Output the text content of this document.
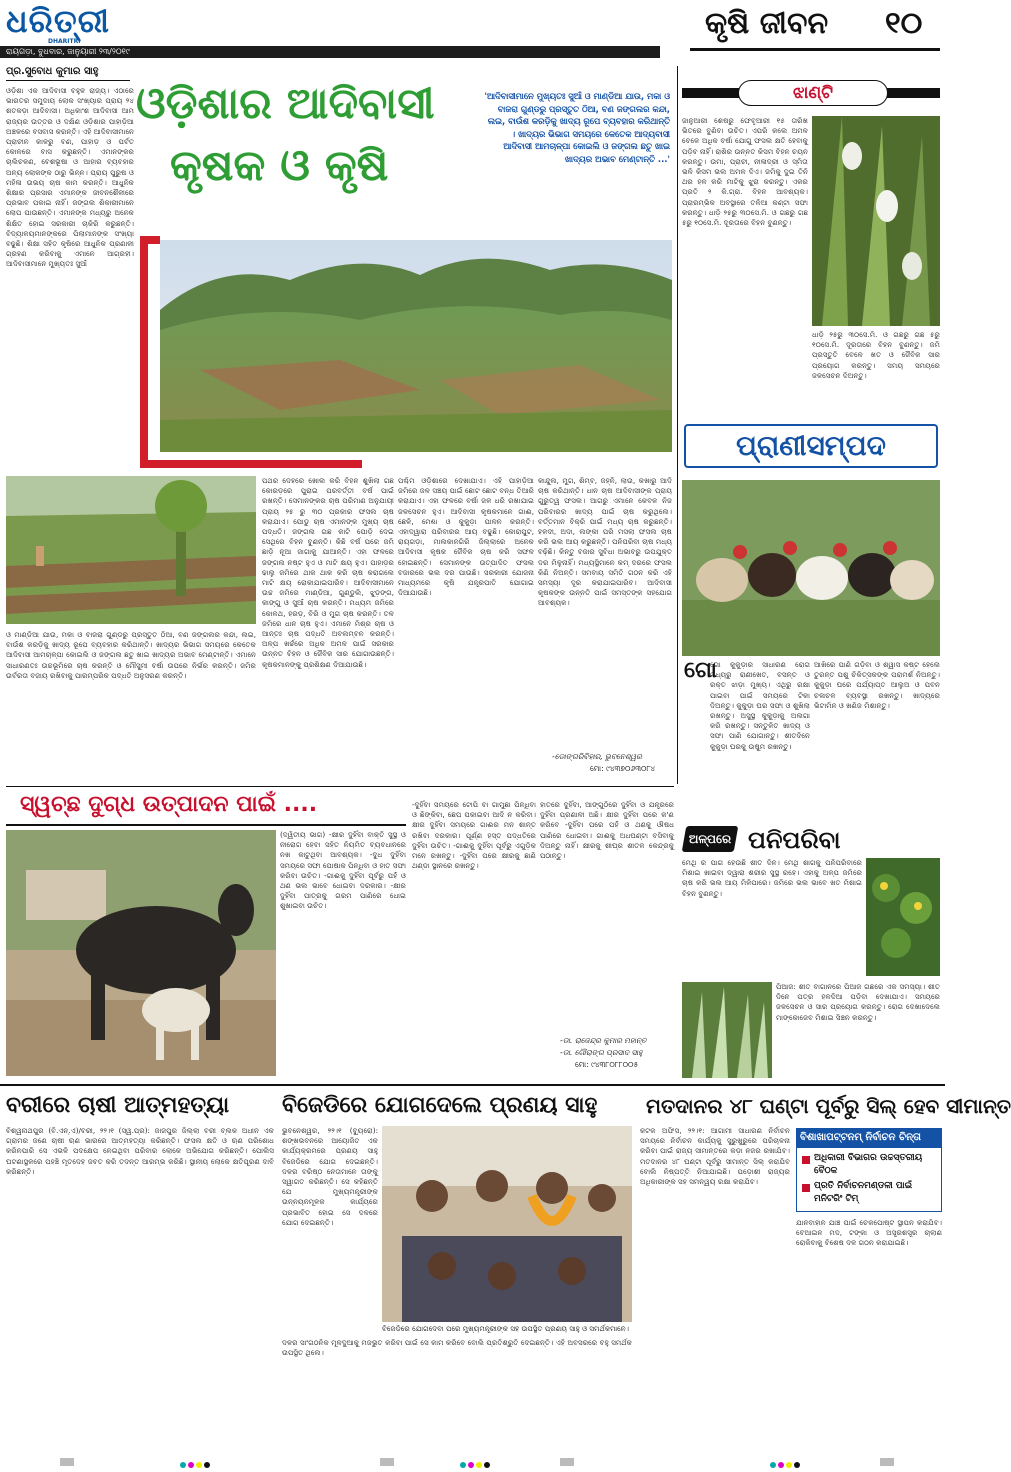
ଧରିତ୍ରୀ
DHARITRI
ରାୟଗଡ଼ା, ବୁଧବାର, ଜାନୁୟାରୀ ୨୩/୨୦୧୯
କୃଷି ଜୀବନ ୧୦
ପ୍ର.ସୁବୋଧ କୁମାର ସାହୁ
ଓଡ଼ିଶାର ଆଦିବାସୀ
କୃଷକ ଓ କୃଷି
'ଆଦିବାସୀମାନେ ମୁଖ୍ୟତଃ ସୁଆଁ ଓ ମାଣ୍ଡିଆ ଯାଉ, ମକା ଓ ବାଜରା ଗୁଣ୍ଡରୁ ପ୍ରସ୍ତୁତ ଠିଆ, ବଣ ଜଙ୍ଗଲର କନ୍ଦା, ଲଇ, ବାଉଁଶ କରଡ଼ିକୁ ଖାଦ୍ୟ ରୂପେ ବ୍ୟବହାର କରିଥାନ୍ତି । ଖାଦ୍ୟର ଭିଭାଗ ସମୟରେ କେତେକ ଆଦ୍ୟବାସୀ ଆଦିବାସୀ ଆମଚାଳ୍ପା କୋଇଲି ଓ ଜଙ୍ଗଲ ଛତୁ ଖାଇ ଖାଦ୍ୟର ଅଭାବ ମେଣ୍ଟାନ୍ତି ...'
ଓଡ଼ିଶା ଏକ ଆଦିବାସୀ ବହୁଳ ରାଜ୍ୟ। ଏଠାରେ ଭାରତର ସମୁଦାୟ ଲୋକ ସଂଖ୍ୟାର ପ୍ରାୟ ୨୪ ଶତକଡ଼ା ଆଦିବାସୀ। ଅଧିକାଂଶ ଆଦିବାସୀ ଆମ ରାଜ୍ୟର ଉତ୍ତର ଓ ଦକ୍ଷିଣ ଓଡ଼ିଶାର ପାହାଡ଼ିଆ ଅଞ୍ଚଳରେ ବସବାସ କରନ୍ତି। ଏହି ଆଦିବାସୀମାନେ ପ୍ରାଚୀନ କାଳରୁ ବଣ, ପାହାଡ଼ ଓ ପର୍ବତ କୋଳରେ ବାସ କରୁଛନ୍ତି। ଏମାନଙ୍କର ଚାଲିଚଳଣ, ବେଶଭୂଷା ଓ ଆହାର ବ୍ୟବହାର ଅନ୍ୟ ଲୋକଙ୍କ ଠାରୁ ଭିନ୍ନ। ପ୍ରାୟ ପୁରୁଷ ଓ ମହିଳା ଉଭୟ ଚାଷ କାମ କରନ୍ତି। ଆଧୁନିକ ଶିକ୍ଷାର ପ୍ରସାର ଏମାନଙ୍କ ଜୀବନଶୈଳୀରେ ପ୍ରଭାବ ପକାଇ ନାହିଁ। ଜଙ୍ଗଲ ଶିକାରୀମାନେ ଲୋପ ପାଉଛନ୍ତି। ଏମାନଙ୍କ ମଧ୍ୟରୁ ଅନେକ ଶିକ୍ଷିତ ହୋଇ ସରକାରୀ ଚାକିରି କରୁଛନ୍ତି। ବିଦ୍ୟାଳୟମାନଙ୍କରେ ପିଲାମାନଙ୍କ ସଂଖ୍ୟା ବଢୁଛି। ଶିକ୍ଷା ସହିତ କୃଷିରେ ଆଧୁନିକ ପ୍ରଣାଳୀ ଗ୍ରହଣ କରିବାକୁ ଏମାନେ ଆଗ୍ରହୀ। ଆଦିବାସୀମାନେ ମୁଖ୍ୟତଃ ସୁଆଁ
ଓ ମାଣ୍ଡିଆ ଯାଉ, ମକା ଓ ବାଜରା ଗୁଣ୍ଡରୁ ପ୍ରସ୍ତୁତ ଠିଆ, ବଣ ଜଙ୍ଗଲର କନ୍ଦା, ଲଇ, ବାଉଁଶ କରଡ଼ିକୁ ଖାଦ୍ୟ ରୂପେ ବ୍ୟବହାର କରିଥାନ୍ତି। ଖାଦ୍ୟର ଭିଭାଗ ସମୟରେ କେତେକ ଆଦିବାସୀ ଆମଚାଳ୍ପା କୋଇଲି ଓ ଜଙ୍ଗଲ ଛତୁ ଖାଇ ଖାଦ୍ୟର ଅଭାବ ମେଣ୍ଟାନ୍ତି। ଏମାନେ ସାଧାରଣତଃ ଉଚ୍ଚଭୂମିରେ ଚାଷ କରନ୍ତି ଓ ମୌସୁମୀ ବର୍ଷା ଉପରେ ନିର୍ଭର କରନ୍ତି। ଜମିର ଉର୍ବରତା ବଜାୟ ରଖିବାକୁ ପାରମ୍ପରିକ ପଦ୍ଧତି ଅନୁସରଣ କରନ୍ତି।
ପଥର ଦେହରେ ଖୋଲ କରି ବିହନ ଶୁଖିଲା ଗଛ କୋରଡ଼ରେ ପୁରାଇ ପରବର୍ତ୍ତୀ ବର୍ଷ ପାଇଁ ରଖନ୍ତି। ସେମାନଙ୍କର ଚାଷ ପରିମାଣ ଅନୁଯାୟୀ ପ୍ରାୟ ୨୫ ରୁ ୩୦ ପ୍ରକାର ଫସଲ ଚାଷ କରାଯାଏ। ପୋଡୁ ଚାଷ ଏମାନଙ୍କ ମୁଖ୍ୟ ଚାଷ ପଦ୍ଧତି। ଜଙ୍ଗଲ ଗଛ କାଟି ପୋଡ଼ି ଦେଇ ସେଥିରେ ବିହନ ବୁଣନ୍ତି। କିଛି ବର୍ଷ ପରେ ଜମି ଛାଡ଼ି ନୂଆ ଜାଗାକୁ ଯାଆନ୍ତି। ଏହା ଫଳରେ ଜଙ୍ଗଲ ନଷ୍ଟ ହୁଏ ଓ ମାଟି କ୍ଷୟ ହୁଏ। ପାହାଡ଼ର ଢାଲୁ ଜମିରେ ଥାକ ଥାକ କରି ଚାଷ କରାଗଲେ ମାଟି କ୍ଷୟ ରୋକାଯାଇପାରିବ। ଆଦିବାସୀମାନେ ଉଚ୍ଚ ଜମିରେ ମାଣ୍ଡିଆ, ଗୁଣ୍ଡୁଲି, ଝୁଡ଼ଙ୍ଗ, କାଙ୍ଗୁ ଓ ସୁଆଁ ଚାଷ କରନ୍ତି। ମଧ୍ୟମ ଜମିରେ କୋଳଥ, ହରଡ଼, ବିରି ଓ ମୁଗ ଚାଷ କରନ୍ତି। ତଳ ଜମିରେ ଧାନ ଚାଷ ହୁଏ। ଏମାନେ ମିଶ୍ର ଚାଷ ଓ ଆନ୍ତଃ ଚାଷ ପଦ୍ଧତି ଅବଲମ୍ବନ କରନ୍ତି। ଅଳ୍ପ ଖର୍ଚ୍ଚରେ ଅଧିକ ଅମଳ ପାଇଁ ସରକାର ଉନ୍ନତ ବିହନ ଓ ଜୈବିକ ସାର ଯୋଗାଉଛନ୍ତି। କୃଷକମାନଙ୍କୁ ପ୍ରଶିକ୍ଷଣ ଦିଆଯାଉଛି।
ପଶ୍ଚିମ ଓଡ଼ିଶାରେ ଦେଖାଯାଏ। ଏହି ପାହାଡ଼ିଆ ଜମିରେ ଜଳ ସଞ୍ଚୟ ପାଇଁ ଛୋଟ ଛୋଟ ବନ୍ଧ ତିଆରି କରାଯାଏ। ଏହା ଫଳରେ ବର୍ଷା ଜଳ ଧରି ରଖାଯାଇ ଜଳସେଚନ ହୁଏ। ଆଦିବାସୀ କୃଷକମାନେ ଗାଈ, ଛେଳି, ମେଣ୍ଢା ଓ କୁକୁଡ଼ା ପାଳନ କରନ୍ତି। ଏହାଦ୍ୱାରା ପରିବାରର ଆୟ ବଢୁଛି। କୋରାପୁଟ, ରାୟଗଡ଼ା, ମାଲକାନଗିରି ଜିଲ୍ଲାରେ ଅନେକ ଆଦିବାସୀ କୃଷକ ଜୈବିକ ଚାଷ କରି ସଫଳ ହୋଇଛନ୍ତି। ସେମାନଙ୍କ ଉତ୍ପାଦିତ ଫସଲ ବଜାରରେ ଭଲ ଦର ପାଉଛି। ସରକାରୀ ଯୋଜନା ମାଧ୍ୟମରେ କୃଷି ଯନ୍ତ୍ରପାତି ଯୋଗାଇ ଦିଆଯାଉଛି।
କାନ୍ଦୁଲ, ମୁଗ, ଶିମ୍ବ, ଜହ୍ନି, ଲାଉ, କଖାରୁ ଆଦି ଚାଷ କରିଥାନ୍ତି। ଧାନ ଚାଷ ଆଦିବାସୀଙ୍କ ପ୍ରାୟ ଗୁରୁତ୍ୱ ଫସଲ। ଆଗରୁ ଏମାନେ କେବଳ ନିଜ ପରିବାରର ଖାଦ୍ୟ ପାଇଁ ଚାଷ କରୁଥିଲେ। ବର୍ତ୍ତମାନ ବିକ୍ରି ପାଇଁ ମଧ୍ୟ ଚାଷ କରୁଛନ୍ତି। ହଳଦୀ, ଅଦା, ଲଙ୍କା ପରି ମସଲା ଫସଲ ଚାଷ କରି ଭଲ ଆୟ କରୁଛନ୍ତି। ପନିପରିବା ଚାଷ ମଧ୍ୟ ବଢ଼ିଛି। କିନ୍ତୁ ବଜାର ସୁବିଧା ଅଭାବରୁ ଉପଯୁକ୍ତ ଦର ମିଳୁନାହିଁ। ମଧ୍ୟସ୍ଥିମାନେ କମ୍ ଦରରେ ଫସଲ କିଣି ନିଅନ୍ତି। ସମବାୟ ସମିତି ଗଠନ କରି ଏହି ସମସ୍ୟା ଦୂର କରାଯାଇପାରିବ। ଆଦିବାସୀ କୃଷକଙ୍କ ଉନ୍ନତି ପାଇଁ ସମସ୍ତଙ୍କ ସହଯୋଗ ଆବଶ୍ୟକ।
-ଡୋଙ୍ଗରିବିହାର, ଭୁବନେଶ୍ୱର
ମୋ: ୯୪୩୭୦୬୩୦୮୪
ଝାଣ୍ଟି
ଜାନୁଆରୀ ଶେଷରୁ ଫେବୃଆରୀ ୧୫ ତାରିଖ ଭିତରେ ବୁଣିବା ଉଚିତ। ଏପରି କଲେ ଅମଳ ବେଳେ ଅଧିକ ବର୍ଷା ଯୋଗୁ ଫସଲ କ୍ଷତି ହେବାକୁ ପଡ଼ିବ ନାହିଁ। ରାଶିର ଉନ୍ନତ କିସମ ବିହନ ଚୟନ କରନ୍ତୁ। ଉମା, ପ୍ରାଚୀ, ନୀଳାଦ୍ରୀ ଓ ସ୍ମିତା ଭଳି କିସମ ଭଲ ଅମଳ ଦିଏ। ଜମିକୁ ଦୁଇ ତିନି ଥର ହଳ କରି ମାଟିକୁ ଝୁରା କରନ୍ତୁ। ଏକର ପ୍ରତି ୨ କି.ଗ୍ରା. ବିହନ ଆବଶ୍ୟକ। ପ୍ରାରମ୍ଭିକ ଅବସ୍ଥାରେ ତଳିଆ କଣ୍ଟା ସଫା କରନ୍ତୁ। ଧାଡ଼ି ୨୫ରୁ ୩୦ସେ.ମି. ଓ ଗଛରୁ ଗଛ ୫ରୁ ୧୦ସେ.ମି. ଦୂରତାରେ ବିହନ ବୁଣନ୍ତୁ।
ଧାଡ଼ି ୨୫ରୁ ୩୦ସେ.ମି. ଓ ଗଛରୁ ଗଛ ୫ରୁ ୧୦ସେ.ମି. ଦୂରତାରେ ବିହନ ବୁଣନ୍ତୁ। ଜମି ପ୍ରସ୍ତୁତି ବେଳେ ଖତ ଓ ଜୈବିକ ସାର ପ୍ରୟୋଗ କରନ୍ତୁ। ସମୟ ସମୟରେ ଜଳସେଚନ ଦିଅନ୍ତୁ।
ପ୍ରାଣୀସମ୍ପଦ
ଗୋ
ଗୋ କୁକୁଡ଼ାର ସାଧାରଣ ରୋଗ ମଧ୍ୟରୁ ରାଣୀଖେତ, ବସନ୍ତ ଓ ରକ୍ତ ଝାଡ଼ା ମୁଖ୍ୟ। ଏଥିରୁ ରକ୍ଷା ପାଇବା ପାଇଁ ସମୟରେ ଟିକା ଦିଅନ୍ତୁ। କୁକୁଡ଼ା ଘର ସଫା ଓ ଶୁଖିଲା ରଖନ୍ତୁ। ଅସୁସ୍ଥ କୁକୁଡ଼ାକୁ ଅଲଗା କରି ରଖନ୍ତୁ। ସନ୍ତୁଳିତ ଖାଦ୍ୟ ଓ ସଫା ପାଣି ଯୋଗାନ୍ତୁ। ଶୀତଦିନେ କୁକୁଡ଼ା ଘରକୁ ଉଷୁମ ରଖନ୍ତୁ।
ଆଖିରେ ପାଣି ଗଡ଼ିବା ଓ ଶ୍ୱାସ କଷ୍ଟ ହେଲେ ତୁରନ୍ତ ପଶୁ ଚିକିତ୍ସକଙ୍କ ପରାମର୍ଶ ନିଅନ୍ତୁ। କୁକୁଡ଼ା ଘରେ ପର୍ଯ୍ୟାପ୍ତ ଆଲୁଅ ଓ ପବନ ଚଳାଚଳ ବ୍ୟବସ୍ଥା ରଖନ୍ତୁ। ଖାଦ୍ୟରେ ଭିଟାମିନ ଓ ଖଣିଜ ମିଶାନ୍ତୁ।
ଅଳ୍ପରେ ପନିପରିବା
ମେଥି ର ପାଗ ହେଉଛି ଶୀତ ଦିନ। ମେଥି ଶାଗକୁ ପନିପରିବାରେ ମିଶାଇ ଖାଇବା ଦ୍ୱାରା ଶରୀର ସୁସ୍ଥ ରହେ। ଏହାକୁ ଅଳ୍ପ ଜମିରେ ଚାଷ କରି ଭଲ ଆୟ ମିଳିପାରେ। ଜମିରେ ଭଲ ଭାବେ ଖତ ମିଶାଇ ବିହନ ବୁଣନ୍ତୁ।
ପିଆଜ: ଶୀତ ବାଗାନରେ ପିଆଜ ଗଛରେ ଏକ ସମସ୍ୟା। ଶୀତ ଦିନେ ପତ୍ର ହଳଦିଆ ପଡ଼ିବା ଦେଖାଯାଏ। ସମୟରେ ଜଳସେଚନ ଓ ସାର ପ୍ରୟୋଗ କରନ୍ତୁ। ରୋଗ ଦେଖାଦେଲେ ମାଙ୍କୋଜେବ ମିଶାଇ ସିଞ୍ଚନ କରନ୍ତୁ।
ସ୍ୱଚ୍ଛ ଦୁଗ୍ଧ ଉତ୍ପାଦନ ପାଇଁ ....
(ଦ୍ୱିତୀୟ ଭାଗ) -କ୍ଷୀର ଦୁହିଁବା ବାକ୍ତି ସୁସ୍ଥ ଓ ନୀରୋଗ ହେବା ସହିତ ନିୟମିତ ବ୍ୟବଧାନରେ ନଖ କାଟୁଥିବା ଆବଶ୍ୟକ। -ଦୁଧ ଦୁହିଁବା ସମୟରେ ସଫା ପୋଷାକ ପିନ୍ଧିବା ଓ ହାତ ସଫା କରିବା ଉଚିତ। -ଗାଈକୁ ଦୁହିଁବା ପୂର୍ବରୁ ପହଁ ଓ ଥଣ ଭଲ ଭାବେ ଧୋଇବା ଦରକାର। -କ୍ଷୀର ଦୁହିଁବା ପାତ୍ରକୁ ଗରମ ପାଣିରେ ଧୋଇ ଶୁଖାଇବା ଉଚିତ।
-ଦୁହିଁବା ସମୟରେ ଟୋପି ବା ଗାମୁଛା ପିନ୍ଧିବା ଓ ଛିଙ୍କିବା, ଛେପ ପକାଇବା ଆଦି ନ କରିବା। କ୍ଷୀର ଦୁହିଁବା ସମୟରେ ଗାଈର ମନ ଶାନ୍ତ ରଖିବା ଦରକାର। ପୂର୍ଣ୍ଣ ହସ୍ତ ପଦ୍ଧତିରେ ଦୁହିଁବା ଉଚିତ। -ଗାଈକୁ ଦୁହିଁବା ପୂର୍ବରୁ ଏଗୁଡ଼ିକ ମନେ ରଖନ୍ତୁ। -ଦୁହିଁବା ପରେ କ୍ଷୀରକୁ ଛାଣି ଥଣ୍ଡା ସ୍ଥାନରେ ରଖନ୍ତୁ।
ହାତରେ ଦୁହିଁବା, ଆଙ୍ଗୁଠିରେ ଦୁହିଁବା ଓ ଯନ୍ତ୍ରରେ ଦୁହିଁବା ପ୍ରଣାଳୀ ଅଛି। କ୍ଷୀର ଦୁହିଁବା ପରେ କ'ଣ କରିବେ -ଦୁହିଁବା ପରେ ପହଁ ଓ ଥଣକୁ ଔଷଧ ପାଣିରେ ଧୋଇବା। ଗାଈକୁ ଅଧଘଣ୍ଟା ବସିବାକୁ ଦିଅନ୍ତୁ ନାହିଁ। କ୍ଷୀରକୁ ଶୀଘ୍ର ଶୀତଳ କେନ୍ଦ୍ରକୁ ପଠାନ୍ତୁ।
-ଡା. ରାଜେନ୍ଦ୍ର କୁମାର ମହାନ୍ତ
-ଡା. ଗୌରାଙ୍ଗ ପ୍ରସାଦ ସାହୁ
ମୋ: ୯୪୩୮୦୮୮୦୦୫
ବରୀରେ ଚାଷୀ ଆତ୍ମହତ୍ୟା
ବିଶ୍ୱନାଥପୁର (ବି.ଏନ୍.ଏ)/ବରୀ, ୨୨।୧ (ସ୍ୱ.ପ୍ର): ଜାଜପୁର ଜିଲ୍ଲା ବରୀ ବ୍ଲକ ଅଧୀନ ଏକ ଗ୍ରାମର ଜଣେ ଚାଷୀ ଋଣ ଭାରରେ ଆତ୍ମହତ୍ୟା କରିଛନ୍ତି। ଫସଲ କ୍ଷତି ଓ ଋଣ ପରିଶୋଧ କରିନପାରି ସେ ଏଭଳି ପଦକ୍ଷେପ ନେଇଥିବା ପରିବାର ଲୋକେ ଅଭିଯୋଗ କରିଛନ୍ତି। ପୋଲିସ ଘଟଣାସ୍ଥଳରେ ପହଞ୍ଚି ମୃତଦେହ ଜବତ କରି ତଦନ୍ତ ଆରମ୍ଭ କରିଛି। ସ୍ଥାନୀୟ ଲୋକେ କ୍ଷତିପୂରଣ ଦାବି କରିଛନ୍ତି।
ବିଜେଡିରେ ଯୋଗଦେଲେ ପ୍ରଣୟ ସାହୁ
ଭୁବନେଶ୍ୱର, ୨୨।୧ (ବ୍ୟୁରୋ): ଶଙ୍ଖଭବନରେ ଆୟୋଜିତ ଏକ କାର୍ଯ୍ୟକ୍ରମରେ ପ୍ରଣୟ ସାହୁ ବିଜେଡିରେ ଯୋଗ ଦେଇଛନ୍ତି। ଦଳର ବରିଷ୍ଠ ନେତାମାନେ ତାଙ୍କୁ ସ୍ୱାଗତ କରିଛନ୍ତି। ସେ କହିଛନ୍ତି ଯେ ମୁଖ୍ୟମନ୍ତ୍ରୀଙ୍କ ଉନ୍ନୟନମୂଳକ କାର୍ଯ୍ୟରେ ପ୍ରଭାବିତ ହୋଇ ସେ ଦଳରେ ଯୋଗ ଦେଇଛନ୍ତି।
ବିଜେଡିରେ ଯୋଗଦେବା ପରେ ମୁଖ୍ୟମନ୍ତ୍ରୀଙ୍କ ସହ ଉପସ୍ଥିତ ପ୍ରଣୟ ସାହୁ ଓ ସମର୍ଥକମାନେ।
ଦଳର ସାଂଗଠନିକ ମୂଳଦୁଆକୁ ମଜଭୁତ କରିବା ପାଇଁ ସେ କାମ କରିବେ ବୋଲି ପ୍ରତିଶ୍ରୁତି ଦେଇଛନ୍ତି। ଏହି ଅବସରରେ ବହୁ ସମର୍ଥକ ଉପସ୍ଥିତ ଥିଲେ।
ମତଦାନର ୪୮ ଘଣ୍ଟା ପୂର୍ବରୁ ସିଲ୍ ହେବ ସୀମାନ୍ତ
କଟକ ଅଫିସ, ୨୨।୧: ଆଗାମୀ ସାଧାରଣ ନିର୍ବାଚନ ସମୟରେ ନିର୍ବାଚନ କାର୍ଯ୍ୟକୁ ସୁରୁଖୁରୁରେ ପରିଚାଳନା କରିବା ପାଇଁ ରାଜ୍ୟ ସୀମାନ୍ତରେ କଡ଼ା ନଜର ରଖାଯିବ। ମତଦାନର ୪୮ ଘଣ୍ଟା ପୂର୍ବରୁ ସୀମାନ୍ତ ସିଲ୍ କରାଯିବ ବୋଲି ନିଷ୍ପତ୍ତି ନିଆଯାଇଛି। ପଡ଼ୋଶୀ ରାଜ୍ୟର ଅଧିକାରୀଙ୍କ ସହ ସମନ୍ୱୟ ରକ୍ଷା କରାଯିବ।
ବିଶାଖାପଟ୍ଟନମ୍ ନିର୍ବାଚନ ଚିନ୍ତା
ଅଧିକାରୀ ବିଭାଗର ଉଚ୍ଚସ୍ତରୀୟ ବୈଠକ
ପ୍ରତି ନିର୍ବାଚନମଣ୍ଡଳୀ ପାଇଁ ମନିଟରିଂ ଟିମ୍
ଯାନବାହାନ ଯାଞ୍ଚ ପାଇଁ ଚେକପୋଷ୍ଟ ସ୍ଥାପନ କରାଯିବ। ବେଆଇନ ମଦ, ଟଙ୍କା ଓ ଅସ୍ତ୍ରଶସ୍ତ୍ର ଚାଲାଣ ରୋକିବାକୁ ବିଶେଷ ଦଳ ଗଠନ କରାଯାଇଛି।
